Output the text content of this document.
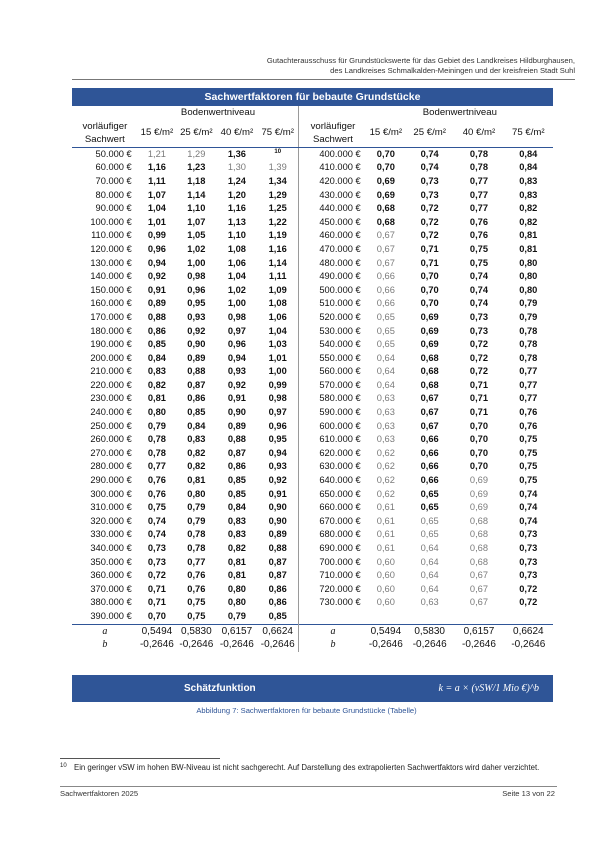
Gutachterausschuss für Grundstückswerte für das Gebiet des Landkreises Hildburghausen,
des Landkreises Schmalkalden-Meiningen und der kreisfreien Stadt Suhl
Sachwertfaktoren für bebaute Grundstücke
	Bodenwertniveau					Bodenwertniveau			
vorläufiger
Sachwert	15 €/m²	25 €/m²	40 €/m²	75 €/m²	vorläufiger
Sachwert	15 €/m²	25 €/m²	40 €/m²	75 €/m²
50.000 €	1,21	1,29	1,36	$^{10}$	400.000 €	0,70	0,74	0,78	0,84
60.000 €	1,16	1,23	1,30	1,39	410.000 €	0,70	0,74	0,78	0,84
70.000 €	1,11	1,18	1,24	1,34	420.000 €	0,69	0,73	0,77	0,83
80.000 €	1,07	1,14	1,20	1,29	430.000 €	0,69	0,73	0,77	0,83
90.000 €	1,04	1,10	1,16	1,25	440.000 €	0,68	0,72	0,77	0,82
100.000 €	1,01	1,07	1,13	1,22	450.000 €	0,68	0,72	0,76	0,82
110.000 €	0,99	1,05	1,10	1,19	460.000 €	0,67	0,72	0,76	0,81
120.000 €	0,96	1,02	1,08	1,16	470.000 €	0,67	0,71	0,75	0,81
130.000 €	0,94	1,00	1,06	1,14	480.000 €	0,67	0,71	0,75	0,80
140.000 €	0,92	0,98	1,04	1,11	490.000 €	0,66	0,70	0,74	0,80
150.000 €	0,91	0,96	1,02	1,09	500.000 €	0,66	0,70	0,74	0,80
160.000 €	0,89	0,95	1,00	1,08	510.000 €	0,66	0,70	0,74	0,79
170.000 €	0,88	0,93	0,98	1,06	520.000 €	0,65	0,69	0,73	0,79
180.000 €	0,86	0,92	0,97	1,04	530.000 €	0,65	0,69	0,73	0,78
190.000 €	0,85	0,90	0,96	1,03	540.000 €	0,65	0,69	0,72	0,78
200.000 €	0,84	0,89	0,94	1,01	550.000 €	0,64	0,68	0,72	0,78
210.000 €	0,83	0,88	0,93	1,00	560.000 €	0,64	0,68	0,72	0,77
220.000 €	0,82	0,87	0,92	0,99	570.000 €	0,64	0,68	0,71	0,77
230.000 €	0,81	0,86	0,91	0,98	580.000 €	0,63	0,67	0,71	0,77
240.000 €	0,80	0,85	0,90	0,97	590.000 €	0,63	0,67	0,71	0,76
250.000 €	0,79	0,84	0,89	0,96	600.000 €	0,63	0,67	0,70	0,76
260.000 €	0,78	0,83	0,88	0,95	610.000 €	0,63	0,66	0,70	0,75
270.000 €	0,78	0,82	0,87	0,94	620.000 €	0,62	0,66	0,70	0,75
280.000 €	0,77	0,82	0,86	0,93	630.000 €	0,62	0,66	0,70	0,75
290.000 €	0,76	0,81	0,85	0,92	640.000 €	0,62	0,66	0,69	0,75
300.000 €	0,76	0,80	0,85	0,91	650.000 €	0,62	0,65	0,69	0,74
310.000 €	0,75	0,79	0,84	0,90	660.000 €	0,61	0,65	0,69	0,74
320.000 €	0,74	0,79	0,83	0,90	670.000 €	0,61	0,65	0,68	0,74
330.000 €	0,74	0,78	0,83	0,89	680.000 €	0,61	0,65	0,68	0,73
340.000 €	0,73	0,78	0,82	0,88	690.000 €	0,61	0,64	0,68	0,73
350.000 €	0,73	0,77	0,81	0,87	700.000 €	0,60	0,64	0,68	0,73
360.000 €	0,72	0,76	0,81	0,87	710.000 €	0,60	0,64	0,67	0,73
370.000 €	0,71	0,76	0,80	0,86	720.000 €	0,60	0,64	0,67	0,72
380.000 €	0,71	0,75	0,80	0,86	730.000 €	0,60	0,63	0,67	0,72
390.000 €	0,70	0,75	0,79	0,85					
a	0,5494	0,5830	0,6157	0,6624	a	0,5494	0,5830	0,6157	0,6624
b	-0,2646	-0,2646	-0,2646	-0,2646	b	-0,2646	-0,2646	-0,2646	-0,2646
Schätzfunktion	k = a × (vSW/1 Mio €)^b
Abbildung 7: Sachwertfaktoren für bebaute Grundstücke (Tabelle)
10 Ein geringer vSW im hohen BW-Niveau ist nicht sachgerecht. Auf Darstellung des extrapolierten Sachwertfaktors wird daher verzichtet.
Sachwertfaktoren 2025	Seite 13 von 22
